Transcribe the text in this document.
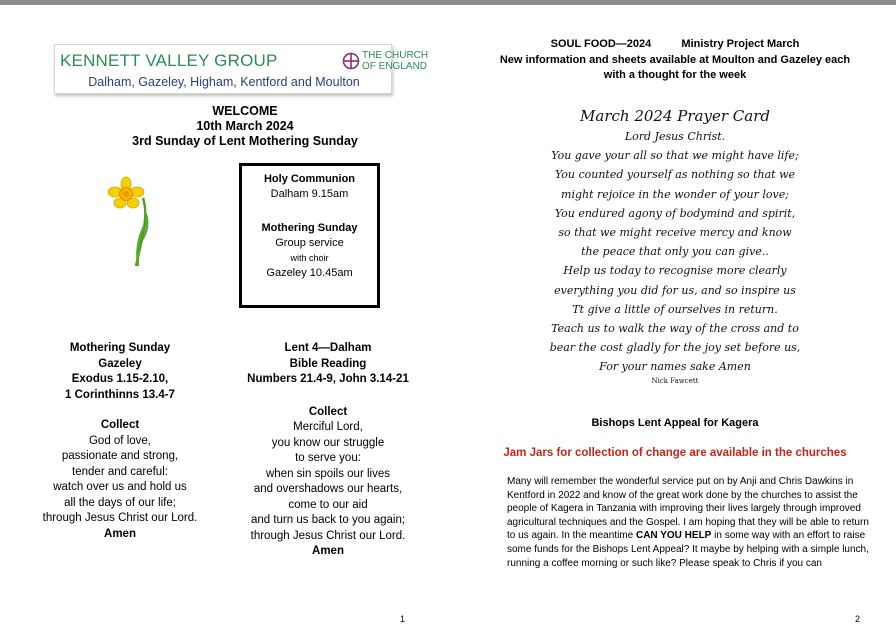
KENNETT VALLEY GROUP	THE CHURCH
OF ENGLAND
Dalham, Gazeley, Higham, Kentford and Moulton
WELCOME
10th March 2024
3rd Sunday of Lent Mothering Sunday
Holy Communion
Dalham 9.15am
Mothering Sunday
Group service
with choir
Gazeley 10.45am
Mothering Sunday
Gazeley
Exodus 1.15-2.10,
1 Corinthinns 13.4-7
Collect
God of love,
passionate and strong,
tender and careful:
watch over us and hold us
all the days of our life;
through Jesus Christ our Lord.
Amen
Lent 4—Dalham
Bible Reading
Numbers 21.4-9, John 3.14-21
Collect
Merciful Lord,
you know our struggle
to serve you:
when sin spoils our lives
and overshadows our hearts,
come to our aid
and turn us back to you again;
through Jesus Christ our Lord.
Amen
1
SOUL FOOD—2024	Ministry Project March
New information and sheets available at Moulton and Gazeley each
with a thought for the week
March 2024 Prayer Card
Lord Jesus Christ.
You gave your all so that we might have life;
You counted yourself as nothing so that we
might rejoice in the wonder of your love;
You endured agony of bodymind and spirit,
so that we might receive mercy and know
the peace that only you can give..
Help us today to recognise more clearly
everything you did for us, and so inspire us
Tt give a little of ourselves in return.
Teach us to walk the way of the cross and to
bear the cost gladly for the joy set before us,
For your names sake Amen
Nick Fawcett
Bishops Lent Appeal for Kagera
Jam Jars for collection of change are available in the churches
Many will remember the wonderful service put on by Anji and Chris Dawkins in Kentford in 2022 and know of the great work done by the churches to assist the people of Kagera in Tanzania with improving their lives largely through improved agricultural techniques and the Gospel. I am hoping that they will be able to return to us again. In the meantime CAN YOU HELP in some way with an effort to raise some funds for the Bishops Lent Appeal? It maybe by helping with a simple lunch, running a coffee morning or such like? Please speak to Chris if you can
2
